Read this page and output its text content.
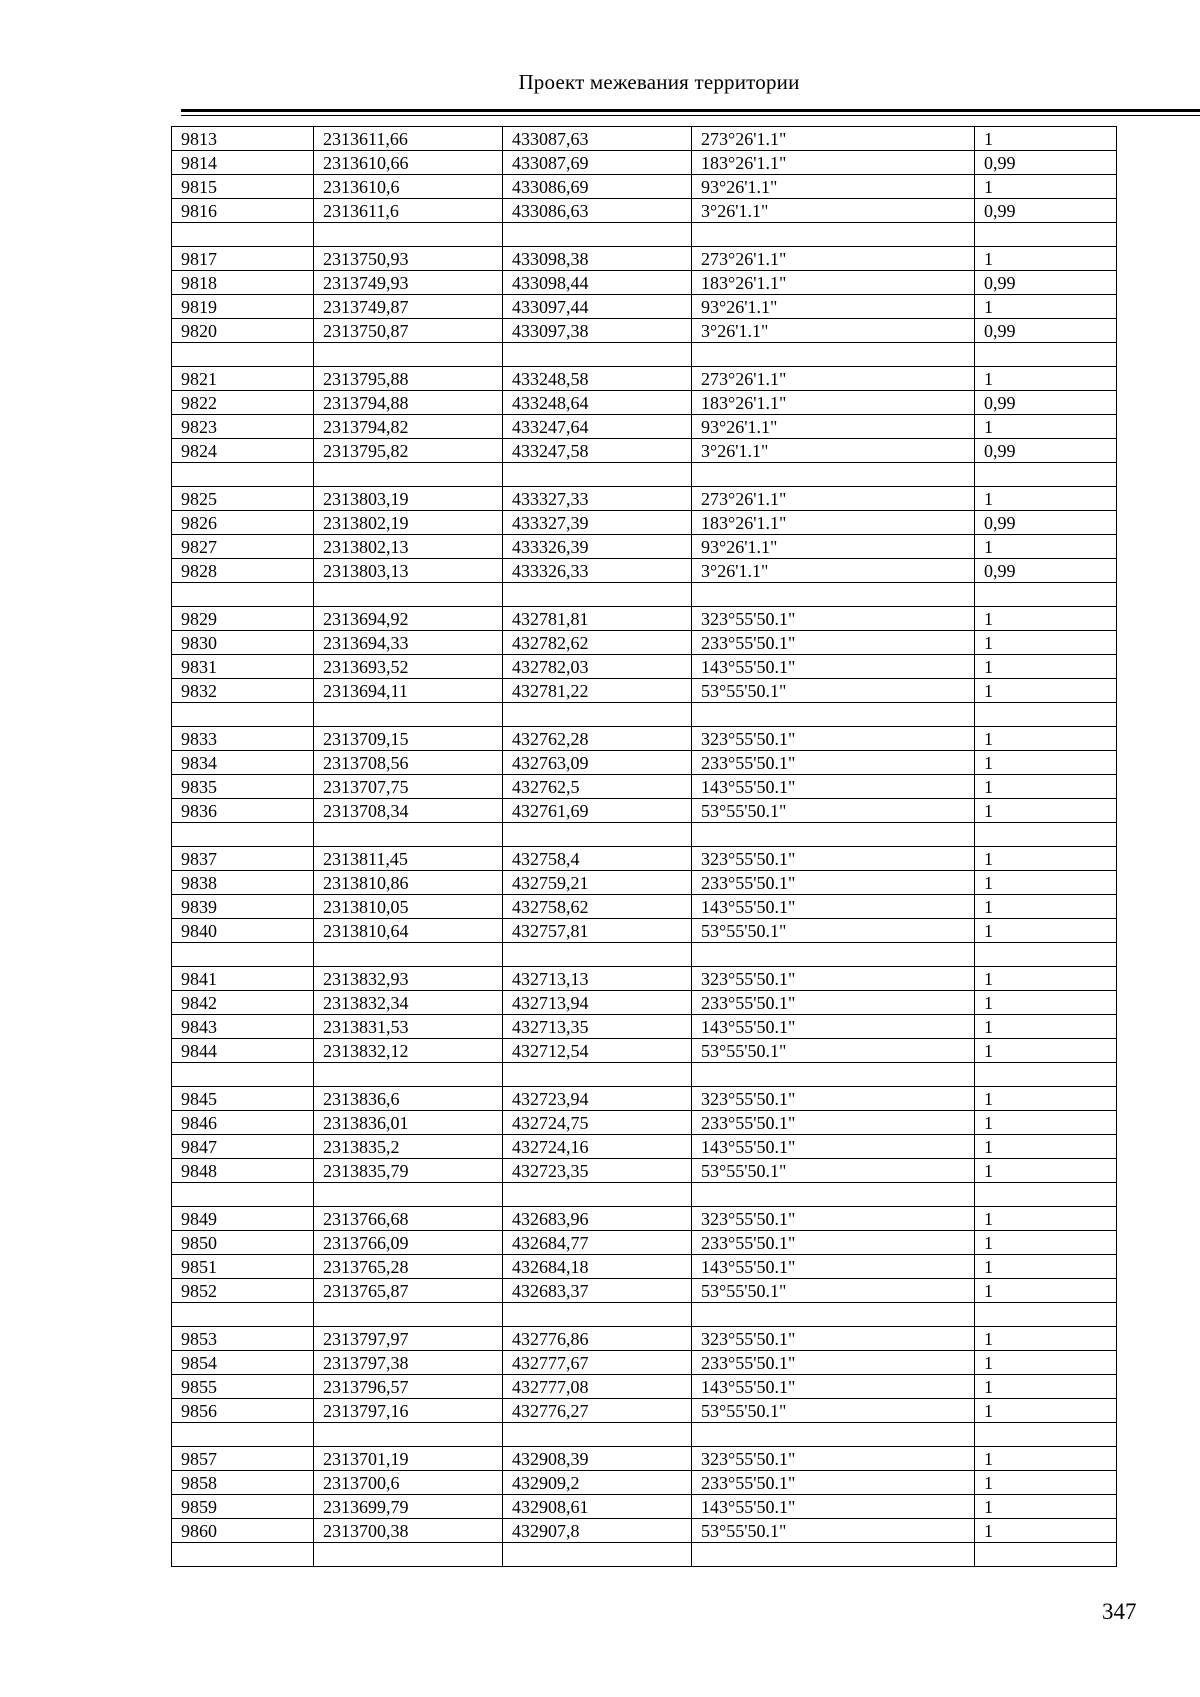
Проект межевания территории
9813	2313611,66	433087,63	273°26'1.1"	1
9814	2313610,66	433087,69	183°26'1.1"	0,99
9815	2313610,6	433086,69	93°26'1.1"	1
9816	2313611,6	433086,63	3°26'1.1"	0,99

9817	2313750,93	433098,38	273°26'1.1"	1
9818	2313749,93	433098,44	183°26'1.1"	0,99
9819	2313749,87	433097,44	93°26'1.1"	1
9820	2313750,87	433097,38	3°26'1.1"	0,99

9821	2313795,88	433248,58	273°26'1.1"	1
9822	2313794,88	433248,64	183°26'1.1"	0,99
9823	2313794,82	433247,64	93°26'1.1"	1
9824	2313795,82	433247,58	3°26'1.1"	0,99

9825	2313803,19	433327,33	273°26'1.1"	1
9826	2313802,19	433327,39	183°26'1.1"	0,99
9827	2313802,13	433326,39	93°26'1.1"	1
9828	2313803,13	433326,33	3°26'1.1"	0,99

9829	2313694,92	432781,81	323°55'50.1"	1
9830	2313694,33	432782,62	233°55'50.1"	1
9831	2313693,52	432782,03	143°55'50.1"	1
9832	2313694,11	432781,22	53°55'50.1"	1

9833	2313709,15	432762,28	323°55'50.1"	1
9834	2313708,56	432763,09	233°55'50.1"	1
9835	2313707,75	432762,5	143°55'50.1"	1
9836	2313708,34	432761,69	53°55'50.1"	1

9837	2313811,45	432758,4	323°55'50.1"	1
9838	2313810,86	432759,21	233°55'50.1"	1
9839	2313810,05	432758,62	143°55'50.1"	1
9840	2313810,64	432757,81	53°55'50.1"	1

9841	2313832,93	432713,13	323°55'50.1"	1
9842	2313832,34	432713,94	233°55'50.1"	1
9843	2313831,53	432713,35	143°55'50.1"	1
9844	2313832,12	432712,54	53°55'50.1"	1

9845	2313836,6	432723,94	323°55'50.1"	1
9846	2313836,01	432724,75	233°55'50.1"	1
9847	2313835,2	432724,16	143°55'50.1"	1
9848	2313835,79	432723,35	53°55'50.1"	1

9849	2313766,68	432683,96	323°55'50.1"	1
9850	2313766,09	432684,77	233°55'50.1"	1
9851	2313765,28	432684,18	143°55'50.1"	1
9852	2313765,87	432683,37	53°55'50.1"	1

9853	2313797,97	432776,86	323°55'50.1"	1
9854	2313797,38	432777,67	233°55'50.1"	1
9855	2313796,57	432777,08	143°55'50.1"	1
9856	2313797,16	432776,27	53°55'50.1"	1

9857	2313701,19	432908,39	323°55'50.1"	1
9858	2313700,6	432909,2	233°55'50.1"	1
9859	2313699,79	432908,61	143°55'50.1"	1
9860	2313700,38	432907,8	53°55'50.1"	1

347
